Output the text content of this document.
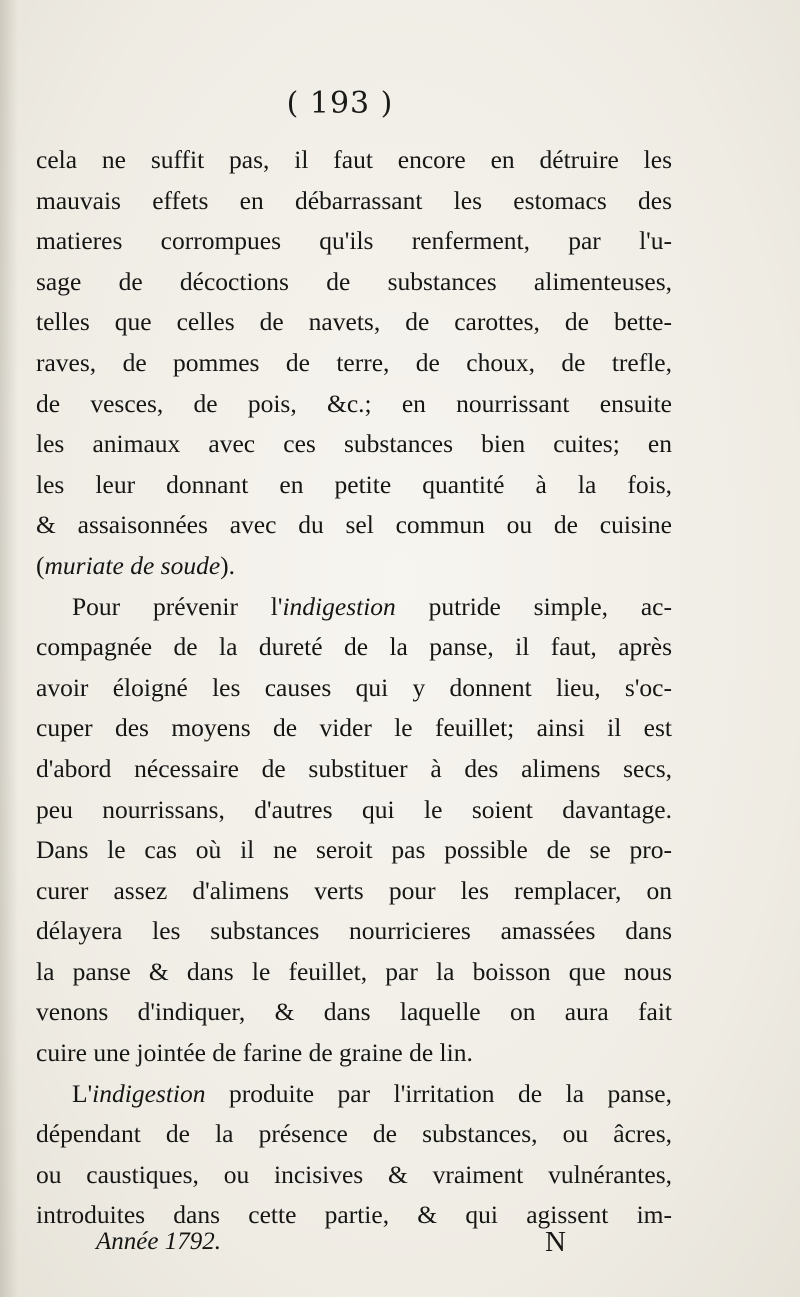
( 193 )
cela ne suffit pas, il faut encore en détruire les
mauvais effets en débarrassant les estomacs des
matieres corrompues qu'ils renferment, par l'u-
sage de décoctions de substances alimenteuses,
telles que celles de navets, de carottes, de bette-
raves, de pommes de terre, de choux, de trefle,
de vesces, de pois, &c.; en nourrissant ensuite
les animaux avec ces substances bien cuites; en
les leur donnant en petite quantité à la fois,
& assaisonnées avec du sel commun ou de cuisine
(muriate de soude).
Pour prévenir l'indigestion putride simple, ac-
compagnée de la dureté de la panse, il faut, après
avoir éloigné les causes qui y donnent lieu, s'oc-
cuper des moyens de vider le feuillet; ainsi il est
d'abord nécessaire de substituer à des alimens secs,
peu nourrissans, d'autres qui le soient davantage.
Dans le cas où il ne seroit pas possible de se pro-
curer assez d'alimens verts pour les remplacer, on
délayera les substances nourricieres amassées dans
la panse & dans le feuillet, par la boisson que nous
venons d'indiquer, & dans laquelle on aura fait
cuire une jointée de farine de graine de lin.
L'indigestion produite par l'irritation de la panse,
dépendant de la présence de substances, ou âcres,
ou caustiques, ou incisives & vraiment vulnérantes,
introduites dans cette partie, & qui agissent im-
Année 1792.	N
